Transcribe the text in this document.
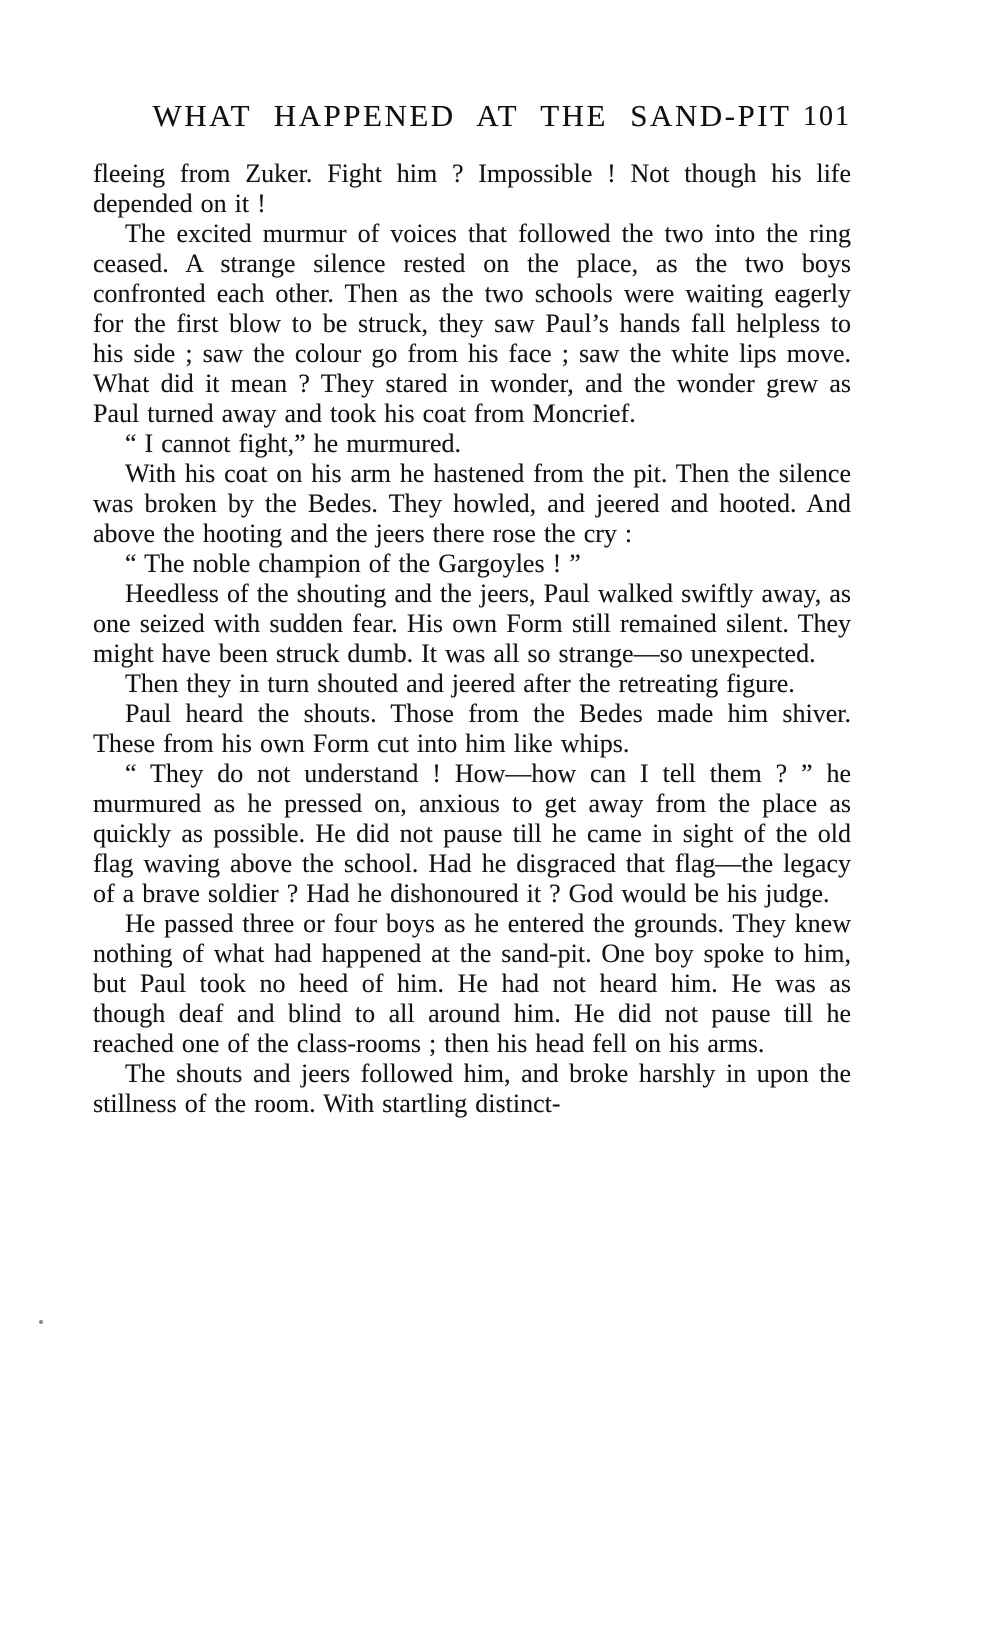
WHAT HAPPENED AT THE SAND-PIT 101

fleeing from Zuker. Fight him ? Impossible ! Not though his life depended on it !

The excited murmur of voices that followed the two into the ring ceased. A strange silence rested on the place, as the two boys confronted each other. Then as the two schools were waiting eagerly for the first blow to be struck, they saw Paul’s hands fall helpless to his side ; saw the colour go from his face ; saw the white lips move. What did it mean ? They stared in wonder, and the wonder grew as Paul turned away and took his coat from Moncrief.

“ I cannot fight,” he murmured.

With his coat on his arm he hastened from the pit. Then the silence was broken by the Bedes. They howled, and jeered and hooted. And above the hooting and the jeers there rose the cry :

“ The noble champion of the Gargoyles ! ”

Heedless of the shouting and the jeers, Paul walked swiftly away, as one seized with sudden fear. His own Form still remained silent. They might have been struck dumb. It was all so strange—so unexpected.

Then they in turn shouted and jeered after the retreating figure.

Paul heard the shouts. Those from the Bedes made him shiver. These from his own Form cut into him like whips.

“ They do not understand ! How—how can I tell them ? ” he murmured as he pressed on, anxious to get away from the place as quickly as possible. He did not pause till he came in sight of the old flag waving above the school. Had he disgraced that flag—the legacy of a brave soldier ? Had he dishonoured it ? God would be his judge.

He passed three or four boys as he entered the grounds. They knew nothing of what had happened at the sand-pit. One boy spoke to him, but Paul took no heed of him. He had not heard him. He was as though deaf and blind to all around him. He did not pause till he reached one of the class-rooms ; then his head fell on his arms.

The shouts and jeers followed him, and broke harshly in upon the stillness of the room. With startling distinct-
